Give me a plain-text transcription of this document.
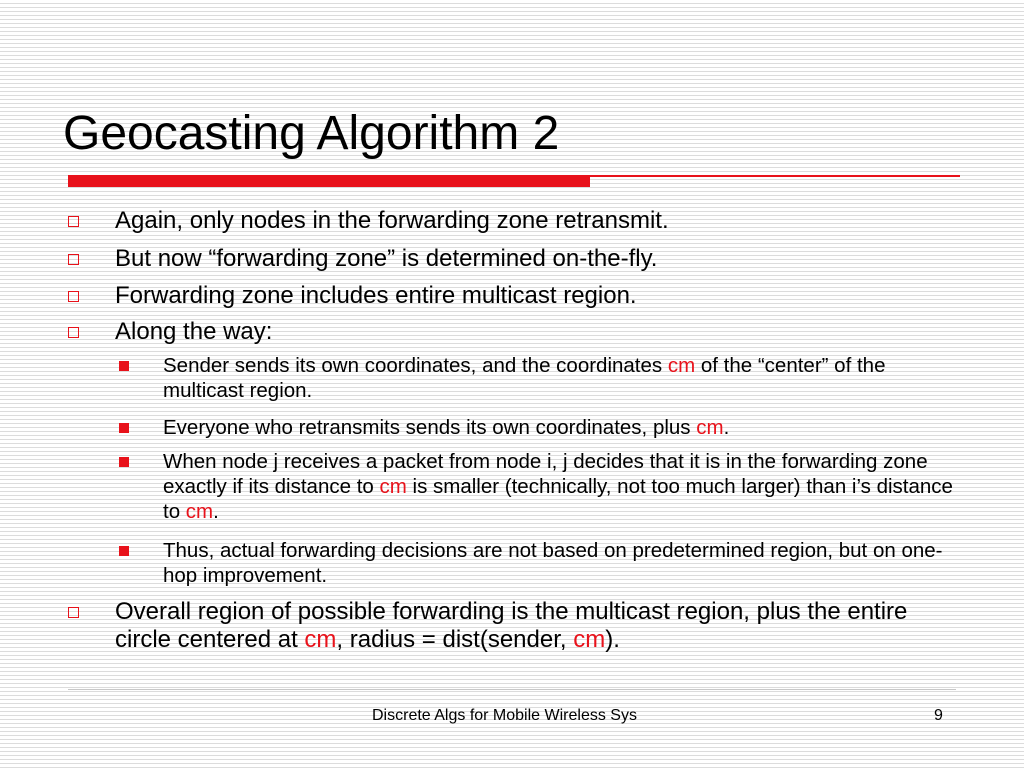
Geocasting Algorithm 2
Again, only nodes in the forwarding zone retransmit.
But now “forwarding zone” is determined on-the-fly.
Forwarding zone includes entire multicast region.
Along the way:
Sender sends its own coordinates, and the coordinates cm of the “center” of the multicast region.
Everyone who retransmits sends its own coordinates, plus cm.
When node j receives a packet from node i, j decides that it is in the forwarding zone exactly if its distance to cm is smaller (technically, not too much larger) than i’s distance to cm.
Thus, actual forwarding decisions are not based on predetermined region, but on one-hop improvement.
Overall region of possible forwarding is the multicast region, plus the entire circle centered at cm, radius = dist(sender, cm).
Discrete Algs for Mobile Wireless Sys	9
